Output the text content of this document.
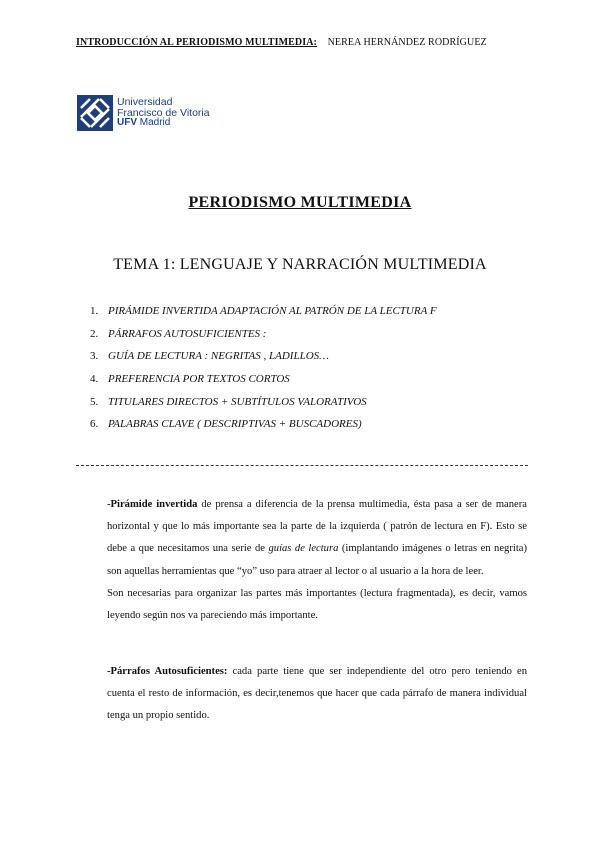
INTRODUCCIÓN AL PERIODISMO MULTIMEDIA: NEREA HERNÁNDEZ RODRÍGUEZ
Universidad
Francisco de Vitoria
UFV Madrid
PERIODISMO MULTIMEDIA
TEMA 1: LENGUAJE Y NARRACIÓN MULTIMEDIA
1. PIRÁMIDE INVERTIDA ADAPTACIÓN AL PATRÓN DE LA LECTURA F
2. PÁRRAFOS AUTOSUFICIENTES :
3. GUÍA DE LECTURA : NEGRITAS , LADILLOS…
4. PREFERENCIA POR TEXTOS CORTOS
5. TITULARES DIRECTOS + SUBTÍTULOS VALORATIVOS
6. PALABRAS CLAVE ( DESCRIPTIVAS + BUSCADORES)

-Pirámide invertida de prensa a diferencia de la prensa multimedia, ésta pasa a ser de manera horizontal y que lo más importante sea la parte de la izquierda ( patrón de lectura en F). Esto se debe a que necesitamos una serie de guías de lectura (implantando imágenes o letras en negrita) son aquellas herramientas que “yo” uso para atraer al lector o al usuario a la hora de leer.

Son necesarias para organizar las partes más importantes (lectura fragmentada), es decir, vamos leyendo según nos va pareciendo más importante.

-Párrafos Autosuficientes: cada parte tiene que ser independiente del otro pero teniendo en cuenta el resto de información, es decir,tenemos que hacer que cada párrafo de manera individual tenga un propio sentido.
